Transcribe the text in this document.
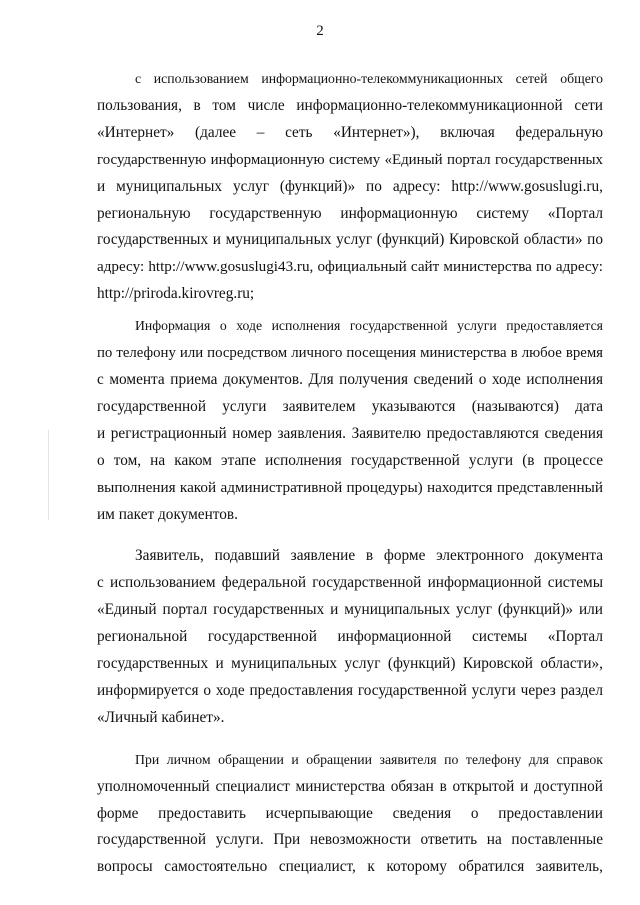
2

с использованием информационно-телекоммуникационных сетей общего
пользования, в том числе информационно-телекоммуникационной сети
«Интернет» (далее – сеть «Интернет»), включая федеральную
государственную информационную систему «Единый портал государственных
и муниципальных услуг (функций)» по адресу: http://www.gosuslugi.ru,
региональную государственную информационную систему «Портал
государственных и муниципальных услуг (функций) Кировской области» по
адресу: http://www.gosuslugi43.ru, официальный сайт министерства по адресу:
http://priroda.kirovreg.ru;

Информация о ходе исполнения государственной услуги предоставляется
по телефону или посредством личного посещения министерства в любое время
с момента приема документов. Для получения сведений о ходе исполнения
государственной услуги заявителем указываются (называются) дата
и регистрационный номер заявления. Заявителю предоставляются сведения
о том, на каком этапе исполнения государственной услуги (в процессе
выполнения какой административной процедуры) находится представленный
им пакет документов.

Заявитель, подавший заявление в форме электронного документа
с использованием федеральной государственной информационной системы
«Единый портал государственных и муниципальных услуг (функций)» или
региональной государственной информационной системы «Портал
государственных и муниципальных услуг (функций) Кировской области»,
информируется о ходе предоставления государственной услуги через раздел
«Личный кабинет».

При личном обращении и обращении заявителя по телефону для справок
уполномоченный специалист министерства обязан в открытой и доступной
форме предоставить исчерпывающие сведения о предоставлении
государственной услуги. При невозможности ответить на поставленные
вопросы самостоятельно специалист, к которому обратился заявитель,
